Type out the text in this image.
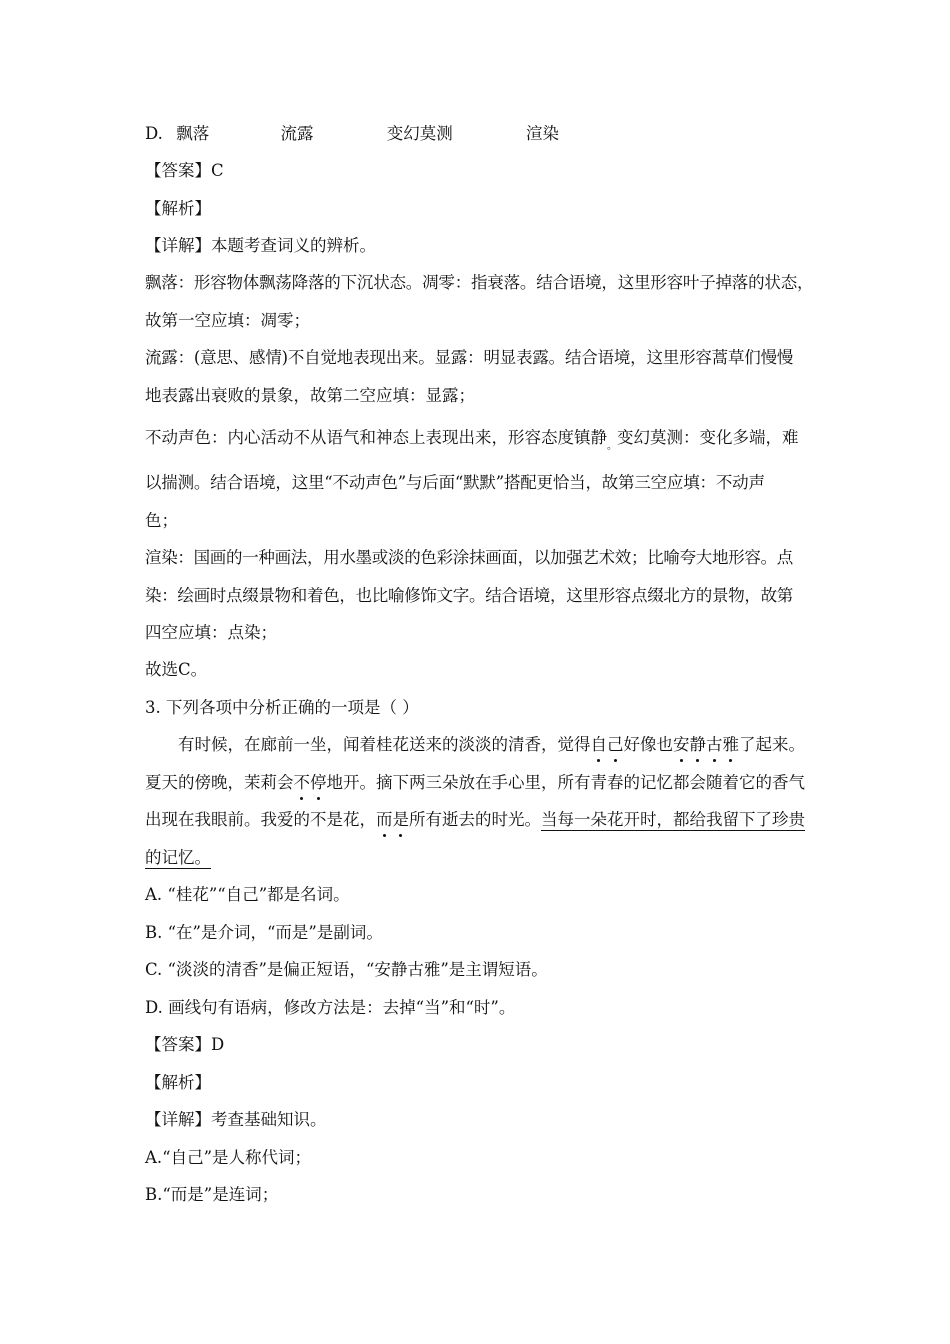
D. 飘落	流露	变幻莫测	渲染
【答案】C
【解析】
【详解】本题考查词义的辨析。
飘落：形容物体飘荡降落的下沉状态。凋零：指衰落。结合语境，这里形容叶子掉落的状态，
故第一空应填：凋零；
流露：(意思、感情)不自觉地表现出来。显露：明显表露。结合语境，这里形容蒿草们慢慢
地表露出衰败的景象，故第二空应填：显露；
不动声色：内心活动不从语气和神态上表现出来，形容态度镇静$_。$变幻莫测：变化多端，难
以揣测。结合语境，这里“不动声色”与后面“默默”搭配更恰当，故第三空应填：不动声
色；
渲染：国画的一种画法，用水墨或淡的色彩涂抹画面，以加强艺术效；比喻夸大地形容。点
染：绘画时点缀景物和着色，也比喻修饰文字。结合语境，这里形容点缀北方的景物，故第
四空应填：点染；
故选C。
3. 下列各项中分析正确的一项是（ ）
有时候，在廊前一坐，闻着桂花送来的淡淡的清香，觉得自己好像也安静古雅了起来。
夏天的傍晚，茉莉会不停地开。摘下两三朵放在手心里，所有青春的记忆都会随着它的香气
出现在我眼前。我爱的不是花，而是所有逝去的时光。当每一朵花开时，都给我留下了珍贵
的记忆。
A. “桂花”“自己”都是名词。
B. “在”是介词，“而是”是副词。
C. “淡淡的清香”是偏正短语，“安静古雅”是主谓短语。
D. 画线句有语病，修改方法是：去掉“当”和“时”。
【答案】D
【解析】
【详解】考查基础知识。
A.“自己”是人称代词；
B.“而是”是连词；
